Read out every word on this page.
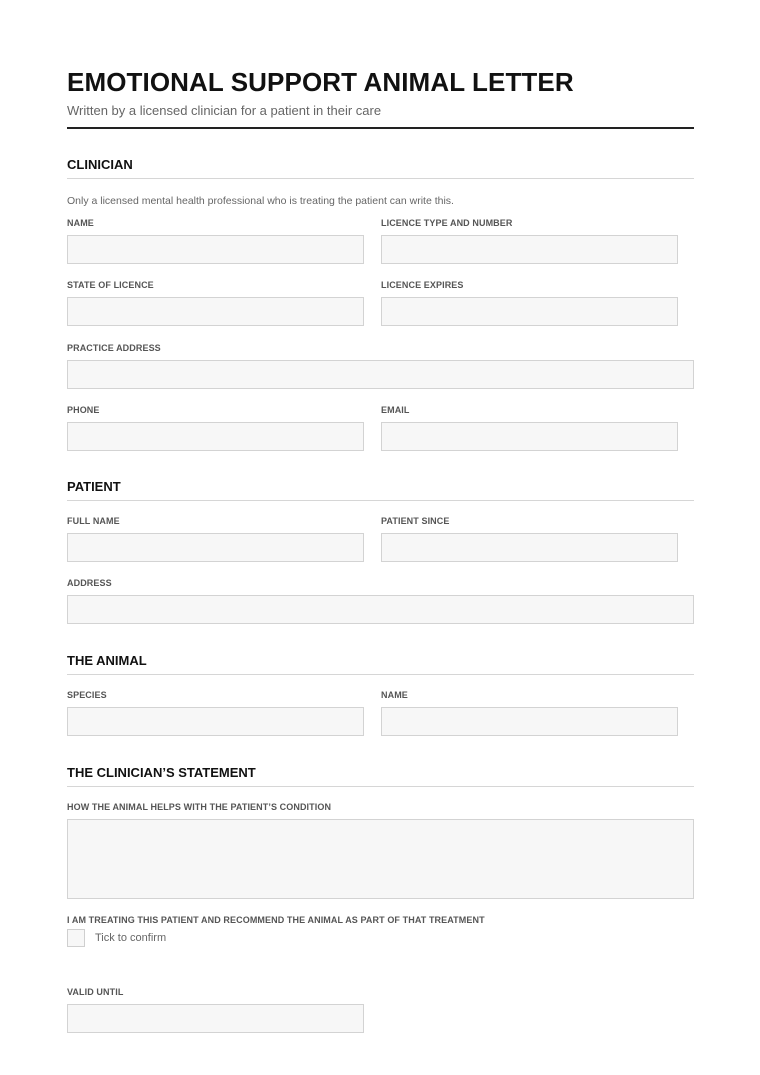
EMOTIONAL SUPPORT ANIMAL LETTER
Written by a licensed clinician for a patient in their care
CLINICIAN
Only a licensed mental health professional who is treating the patient can write this.
NAME	LICENCE TYPE AND NUMBER
STATE OF LICENCE	LICENCE EXPIRES
PRACTICE ADDRESS
PHONE	EMAIL
PATIENT
FULL NAME	PATIENT SINCE
ADDRESS
THE ANIMAL
SPECIES	NAME
THE CLINICIAN’S STATEMENT
HOW THE ANIMAL HELPS WITH THE PATIENT’S CONDITION
I AM TREATING THIS PATIENT AND RECOMMEND THE ANIMAL AS PART OF THAT TREATMENT
Tick to confirm
VALID UNTIL
